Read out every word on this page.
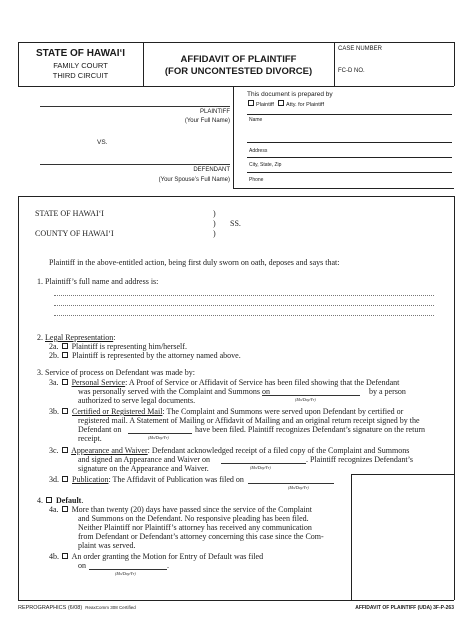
STATE OF HAWAI‘I
FAMILY COURT
THIRD CIRCUIT
AFFIDAVIT OF PLAINTIFF
(FOR UNCONTESTED DIVORCE)
CASE NUMBER
FC-D NO.
PLAINTIFF
(Your Full Name)
VS.
DEFENDANT
(Your Spouse’s Full Name)
This document is prepared by
Plaintiff Atty. for Plaintiff
Name
Address
City, State, Zip
Phone
STATE OF HAWAI‘I
COUNTY OF HAWAI‘I
)
)
)
SS.
Plaintiff in the above-entitled action, being first duly sworn on oath, deposes and says that:
1. Plaintiff’s full name and address is:
2. Legal Representation:
2a. Plaintiff is representing him/herself.
2b. Plaintiff is represented by the attorney named above.
3. Service of process on Defendant was made by:
3a. Personal Service: A Proof of Service or Affidavit of Service has been filed showing that the Defendant
was personally served with the Complaint and Summons on	by a person
(Mo/Day/Yr)
authorized to serve legal documents.
3b. Certified or Registered Mail: The Complaint and Summons were served upon Defendant by certified or
registered mail. A Statement of Mailing or Affidavit of Mailing and an original return receipt signed by the
Defendant on	have been filed. Plaintiff recognizes Defendant’s signature on the return
(Mo/Day/Yr)
receipt.
3c. Appearance and Waiver: Defendant acknowledged receipt of a filed copy of the Complaint and Summons
and signed an Appearance and Waiver on	. Plaintiff recognizes Defendant’s
(Mo/Day/Yr)
signature on the Appearance and Waiver.
3d. Publication: The Affidavit of Publication was filed on
(Mo/Day/Yr)
4. Default.
4a. More than twenty (20) days have passed since the service of the Complaint
and Summons on the Defendant. No responsive pleading has been filed.
Neither Plaintiff nor Plaintiff’s attorney has received any communication
from Defendant or Defendant’s attorney concerning this case since the Com-
plaint was served.
4b. An order granting the Motion for Entry of Default was filed
on	.
(Mo/Day/Yr)
REPROGRAPHICS (6/08) ReaxComm 308 Certified	AFFIDAVIT OF PLAINTIFF (UDA) 3F-P-263
